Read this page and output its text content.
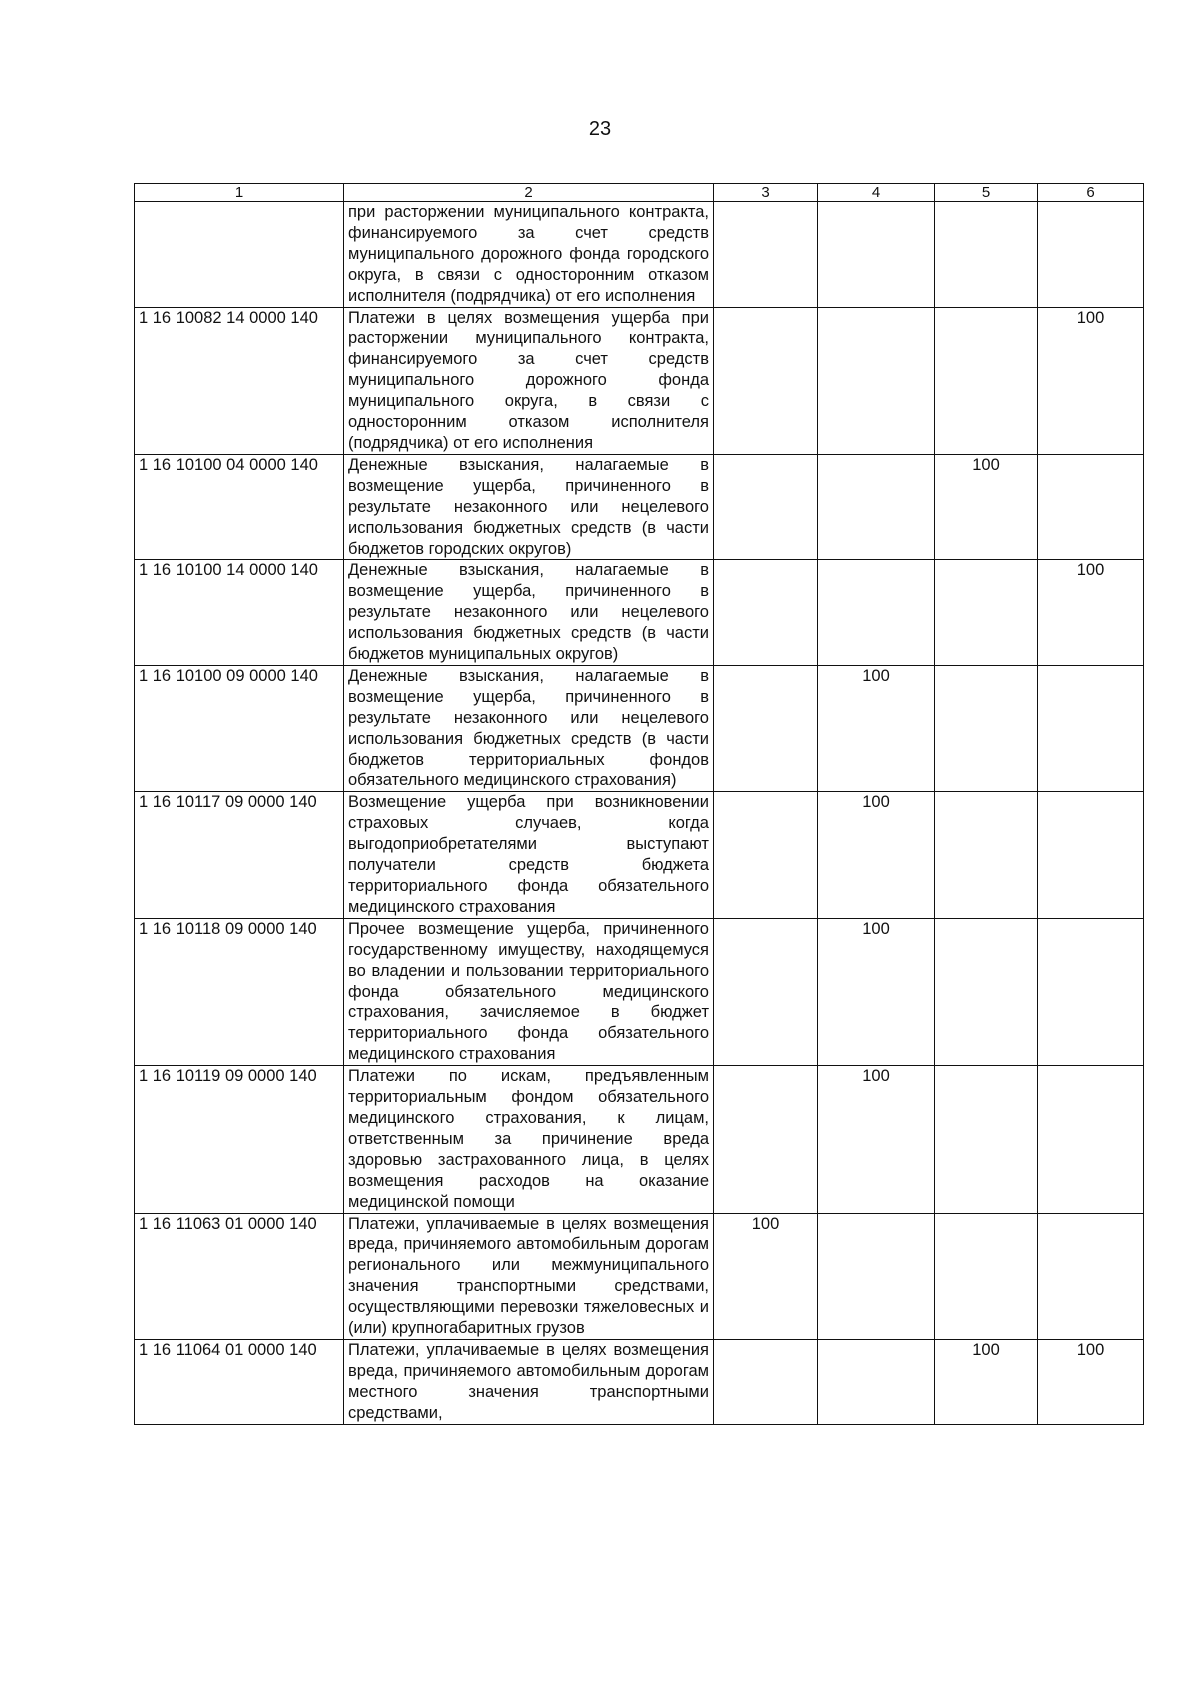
23
1	2	3	4	5	6
	при расторжении муниципального контракта, финансируемого за счет средств муниципального дорожного фонда городского округа, в связи с односторонним отказом исполнителя (подрядчика) от его исполнения				
1 16 10082 14 0000 140	Платежи в целях возмещения ущерба при расторжении муниципального контракта, финансируемого за счет средств муниципального дорожного фонда муниципального округа, в связи с односторонним отказом исполнителя (подрядчика) от его исполнения				100
1 16 10100 04 0000 140	Денежные взыскания, налагаемые в возмещение ущерба, причиненного в результате незаконного или нецелевого использования бюджетных средств (в части бюджетов городских округов)			100	
1 16 10100 14 0000 140	Денежные взыскания, налагаемые в возмещение ущерба, причиненного в результате незаконного или нецелевого использования бюджетных средств (в части бюджетов муниципальных округов)				100
1 16 10100 09 0000 140	Денежные взыскания, налагаемые в возмещение ущерба, причиненного в результате незаконного или нецелевого использования бюджетных средств (в части бюджетов территориальных фондов обязательного медицинского страхования)		100		
1 16 10117 09 0000 140	Возмещение ущерба при возникновении страховых случаев, когда выгодоприобретателями выступают получатели средств бюджета территориального фонда обязательного медицинского страхования		100		
1 16 10118 09 0000 140	Прочее возмещение ущерба, причиненного государственному имуществу, находящемуся во владении и пользовании территориального фонда обязательного медицинского страхования, зачисляемое в бюджет территориального фонда обязательного медицинского страхования		100		
1 16 10119 09 0000 140	Платежи по искам, предъявленным территориальным фондом обязательного медицинского страхования, к лицам, ответственным за причинение вреда здоровью застрахованного лица, в целях возмещения расходов на оказание медицинской помощи		100		
1 16 11063 01 0000 140	Платежи, уплачиваемые в целях возмещения вреда, причиняемого автомобильным дорогам регионального или межмуниципального значения транспортными средствами, осуществляющими перевозки тяжеловесных и (или) крупногабаритных грузов	100			
1 16 11064 01 0000 140	Платежи, уплачиваемые в целях возмещения вреда, причиняемого автомобильным дорогам местного значения транспортными средствами,			100	100
